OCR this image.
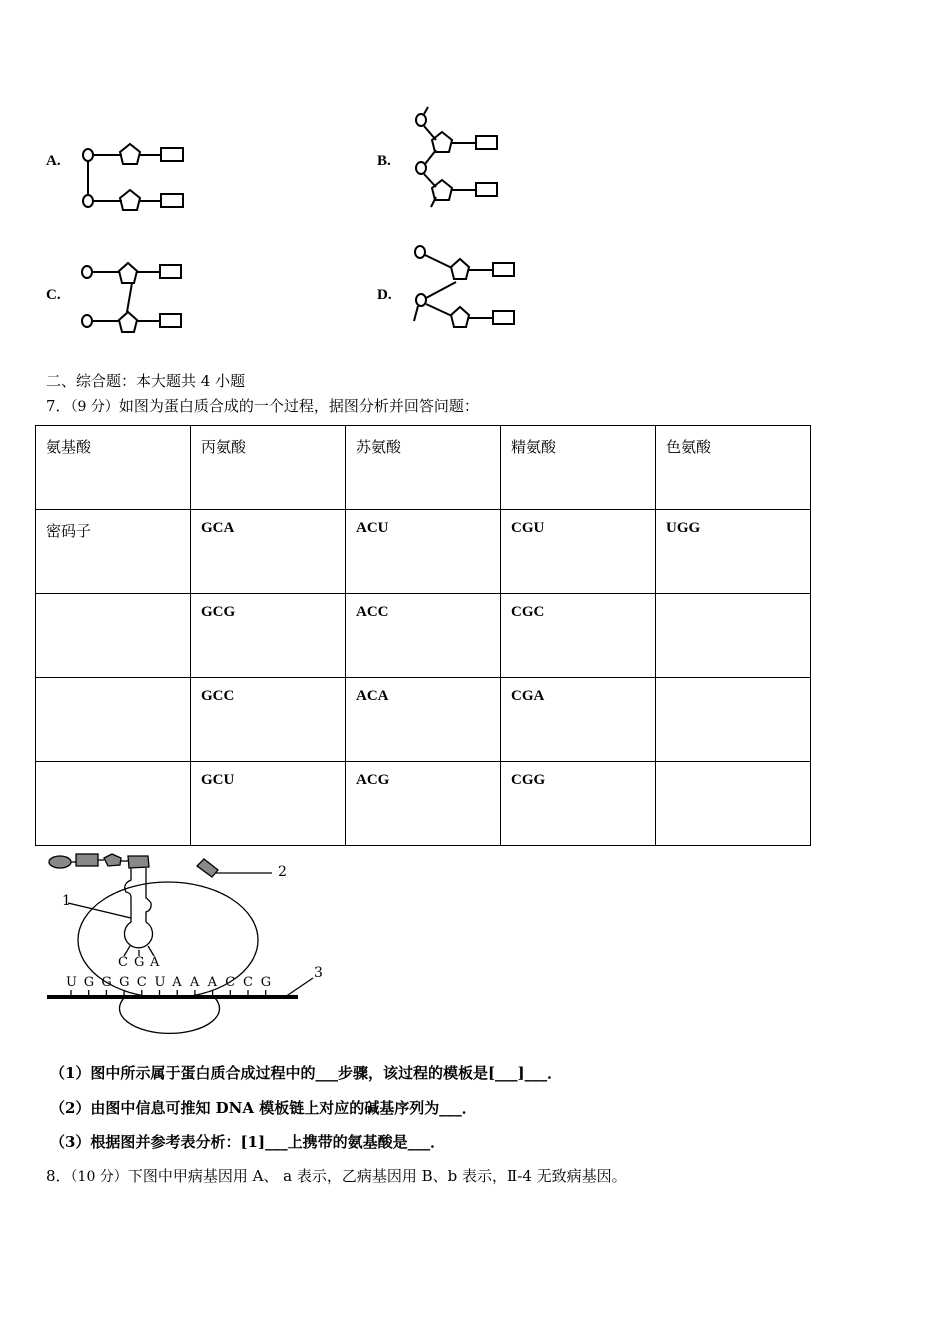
A.	B.
C.	D.
二、综合题：本大题共 4 小题
7．（9 分）如图为蛋白质合成的一个过程，据图分析并回答问题：
氨基酸	丙氨酸	苏氨酸	精氨酸	色氨酸
密码子	GCA	ACU	CGU	UGG
	GCG	ACC	CGC	
	GCC	ACA	CGA	
	GCU	ACG	CGG	
1
2
3
C G A
U G G G C U A A A C C G
（1）图中所示属于蛋白质合成过程中的___步骤，该过程的模板是[___]___．
（2）由图中信息可推知 DNA 模板链上对应的碱基序列为___．
（3）根据图并参考表分析：[1]___上携带的氨基酸是___．
8．（10 分）下图中甲病基因用 A、 a 表示，乙病基因用 B、b 表示，Ⅱ-4 无致病基因。
